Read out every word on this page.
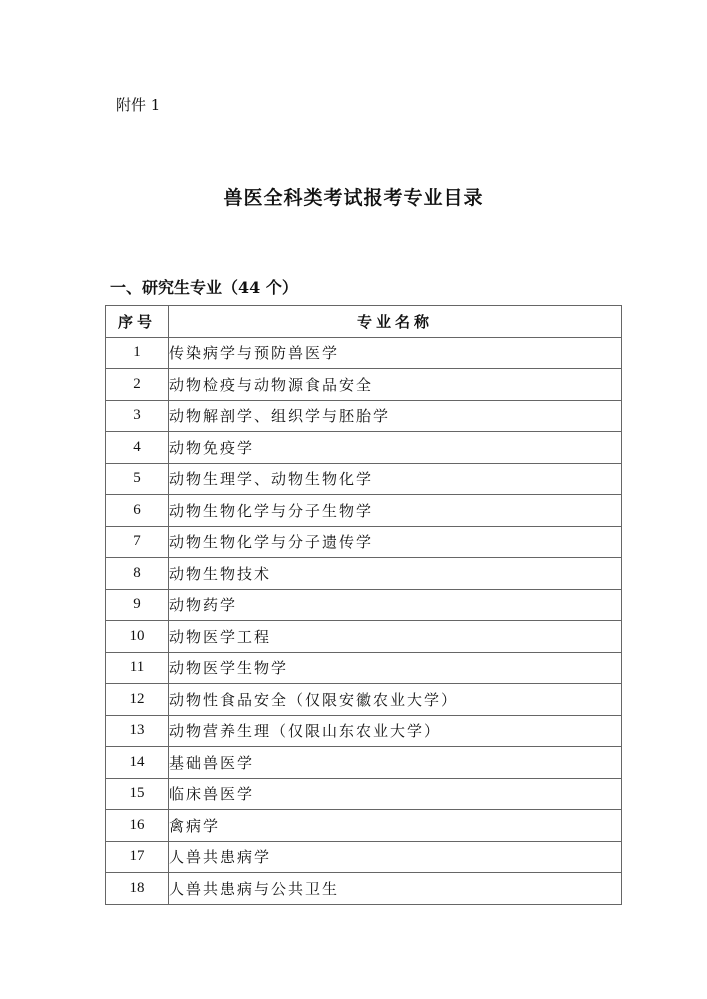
附件 1
兽医全科类考试报考专业目录
一、研究生专业（44 个）
序号	专业名称
1	传染病学与预防兽医学
2	动物检疫与动物源食品安全
3	动物解剖学、组织学与胚胎学
4	动物免疫学
5	动物生理学、动物生物化学
6	动物生物化学与分子生物学
7	动物生物化学与分子遗传学
8	动物生物技术
9	动物药学
10	动物医学工程
11	动物医学生物学
12	动物性食品安全（仅限安徽农业大学）
13	动物营养生理（仅限山东农业大学）
14	基础兽医学
15	临床兽医学
16	禽病学
17	人兽共患病学
18	人兽共患病与公共卫生
